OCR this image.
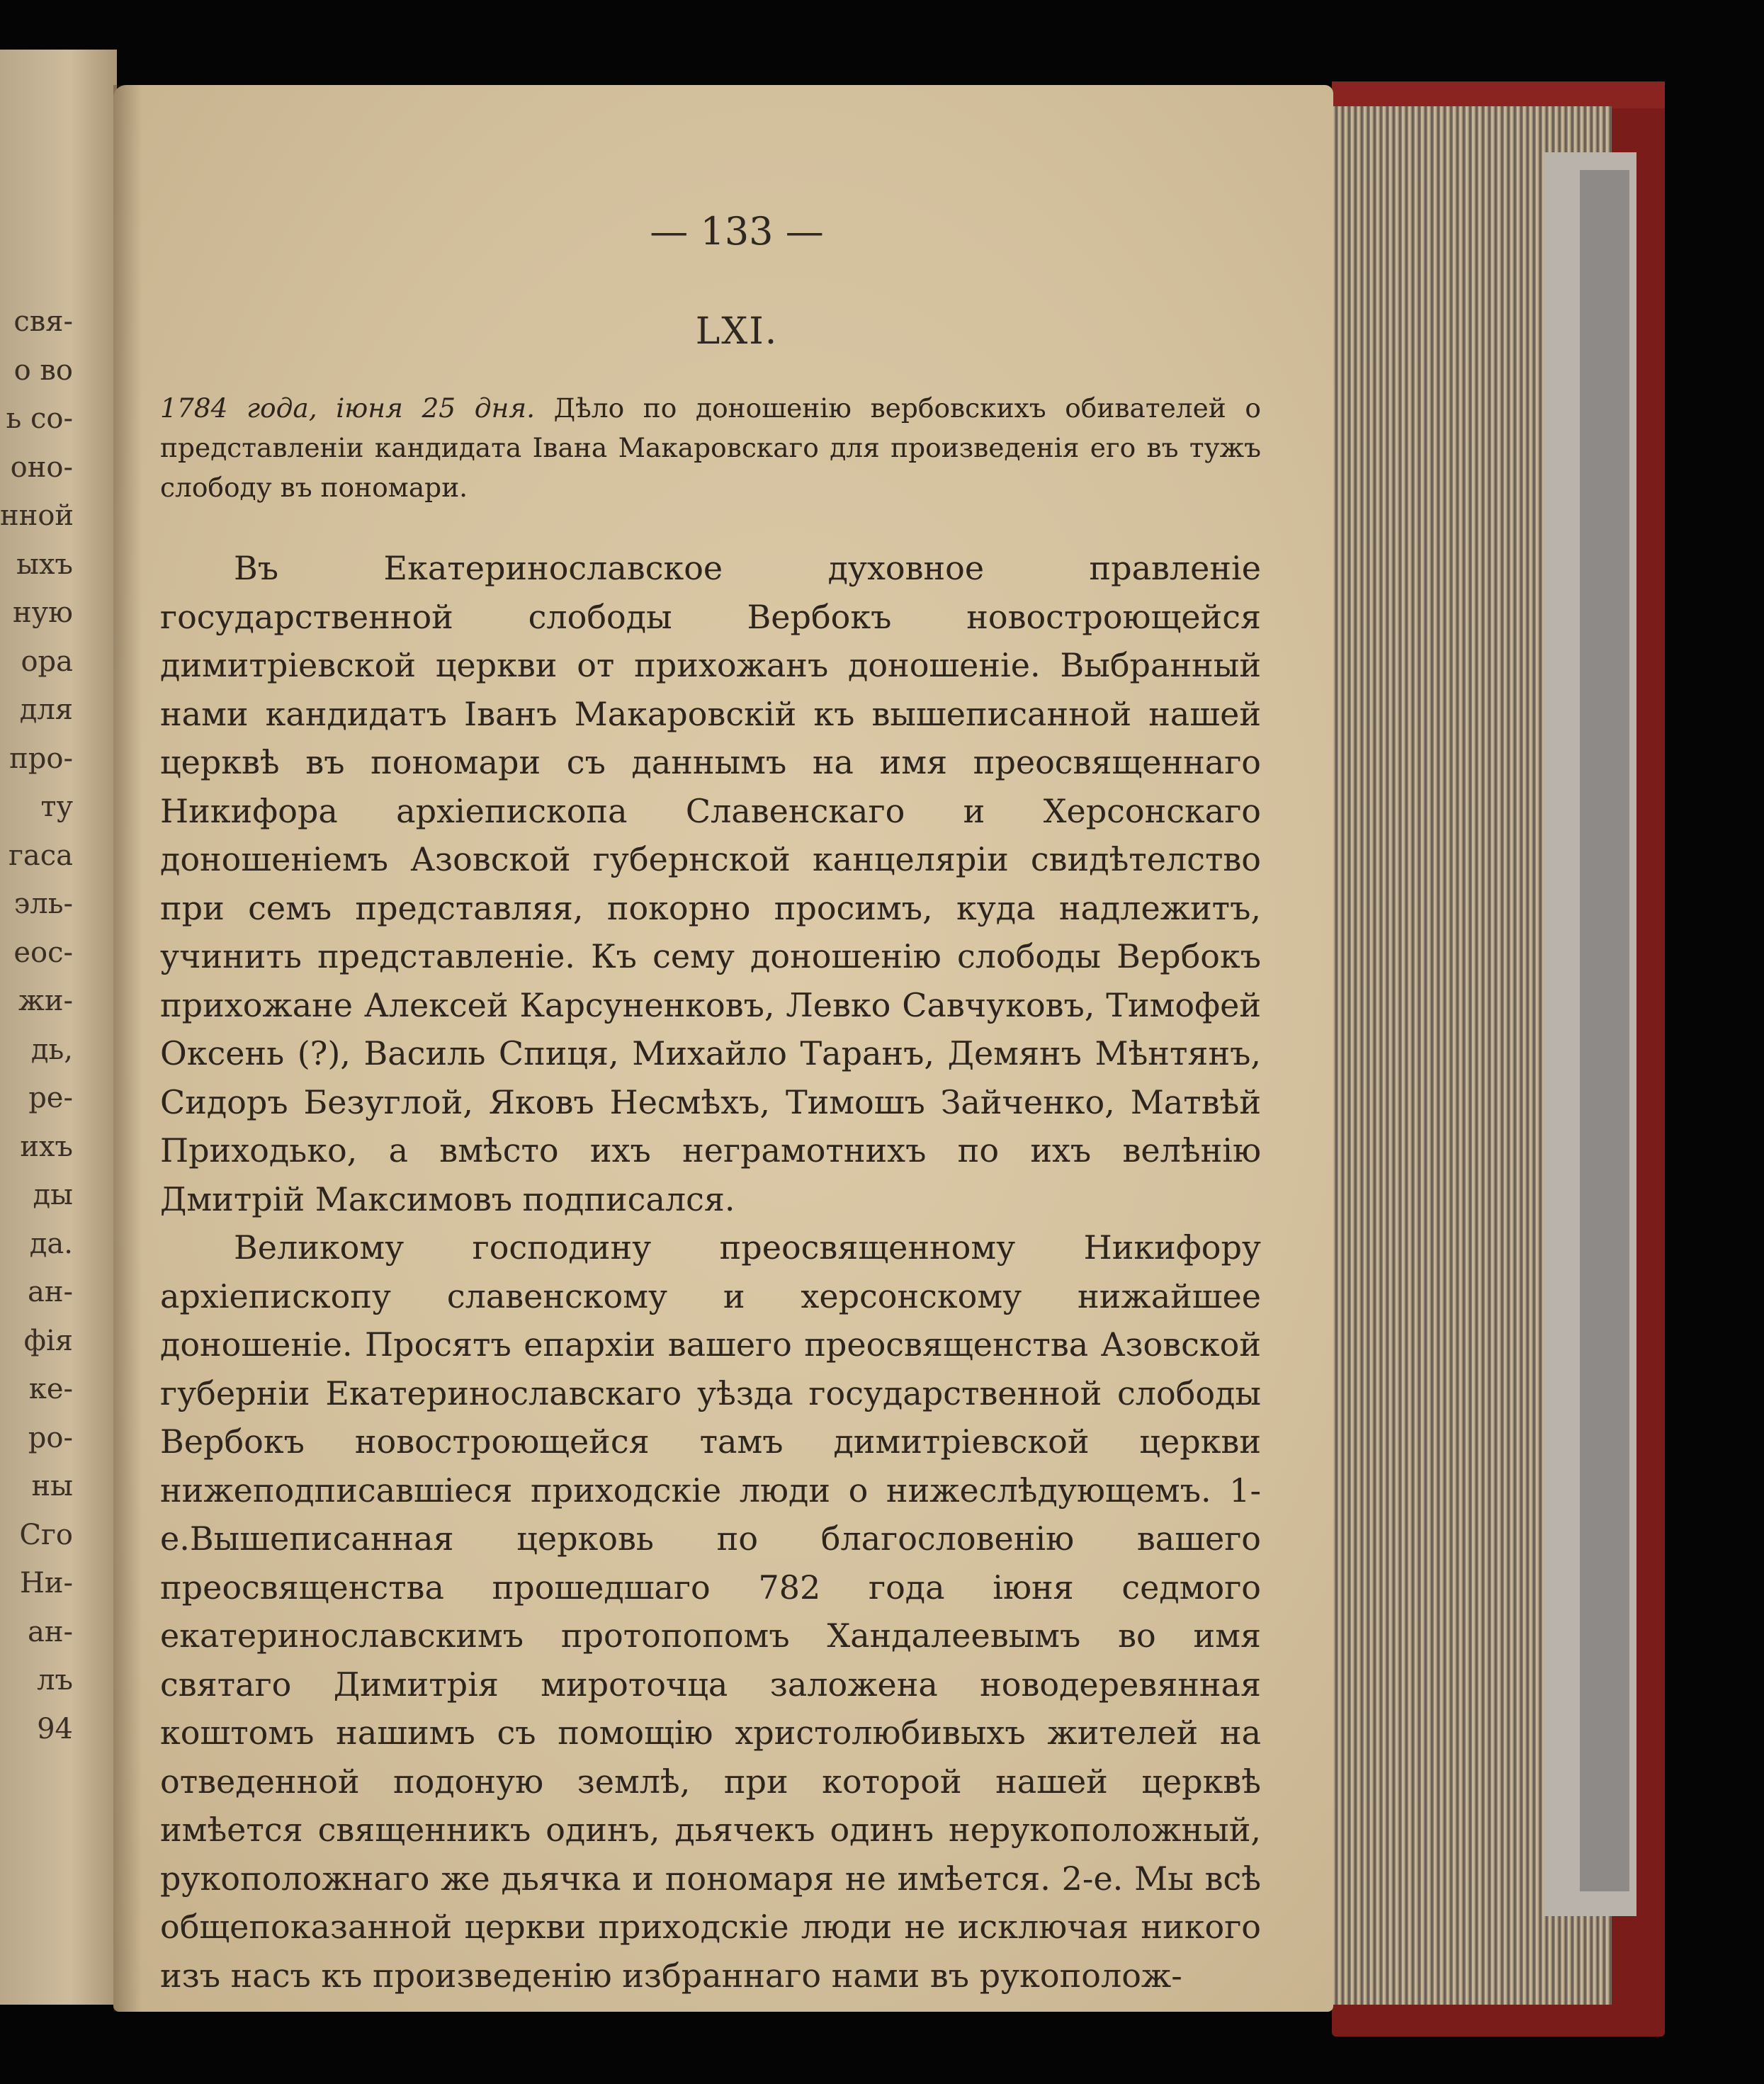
свя-
о во
ь со-
оно-
нной
ыхъ
ную
ора
для
про-
ту
гаса
эль-
еос-
жи-
дь,
ре-
ихъ
ды
да.
ан-
фiя
ке-
ро-
ны
Сго
Ни-
ан-
лъ
94
— 133 —
LXI.
1784 года, iюня 25 дня. Дѣло по доношенiю вербовскихъ обивателей о представленiи кандидата Iвана Макаровскаго для произведенiя его въ тужъ слободу въ пономари.

Въ Екатеринославское духовное правленiе государственной слободы Вербокъ новостроющейся димитрiевской церкви от прихожанъ доношенiе. Выбранный нами кандидатъ Iванъ Макаровскiй къ вышеписанной нашей церквѣ въ пономари съ даннымъ на имя преосвященнаго Никифора архiепископа Славенскаго и Херсонскаго доношенiемъ Азовской губернской канцелярiи свидѣтелство при семъ представляя, покорно просимъ, куда надлежитъ, учинить представленiе. Къ сему доношенiю слободы Вербокъ прихожане Алексей Карсуненковъ, Левко Савчуковъ, Тимофей Оксень (?), Василь Спиця, Михайло Таранъ, Демянъ Мѣнтянъ, Сидоръ Безуглой, Яковъ Несмѣхъ, Тимошъ Зайченко, Матвѣй Приходько, а вмѣсто ихъ неграмотнихъ по ихъ велѣнiю Дмитрiй Максимовъ подписался.

Великому господину преосвященному Никифору архiепископу славенскому и херсонскому нижайшее доношенiе. Просятъ епархiи вашего преосвященства Азовской губернiи Екатеринославскаго уѣзда государственной слободы Вербокъ новостроющейся тамъ димитрiевской церкви нижеподписавшiеся приходскiе люди о нижеслѣдующемъ. 1-е.Вышеписанная церковь по благословенiю вашего преосвященства прошедшаго 782 года iюня седмого екатеринославскимъ протопопомъ Хандалеевымъ во имя святаго Димитрiя мироточца заложена новодеревянная коштомъ нашимъ съ помощiю христолюбивыхъ жителей на отведенной подоную землѣ, при которой нашей церквѣ имѣется священникъ одинъ, дьячекъ одинъ нерукоположный, рукоположнаго же дьячка и пономаря не имѣется. 2-е. Мы всѣ общепоказанной церкви приходскiе люди не исключая никого изъ насъ къ произведенiю избраннаго нами въ рукополож-
